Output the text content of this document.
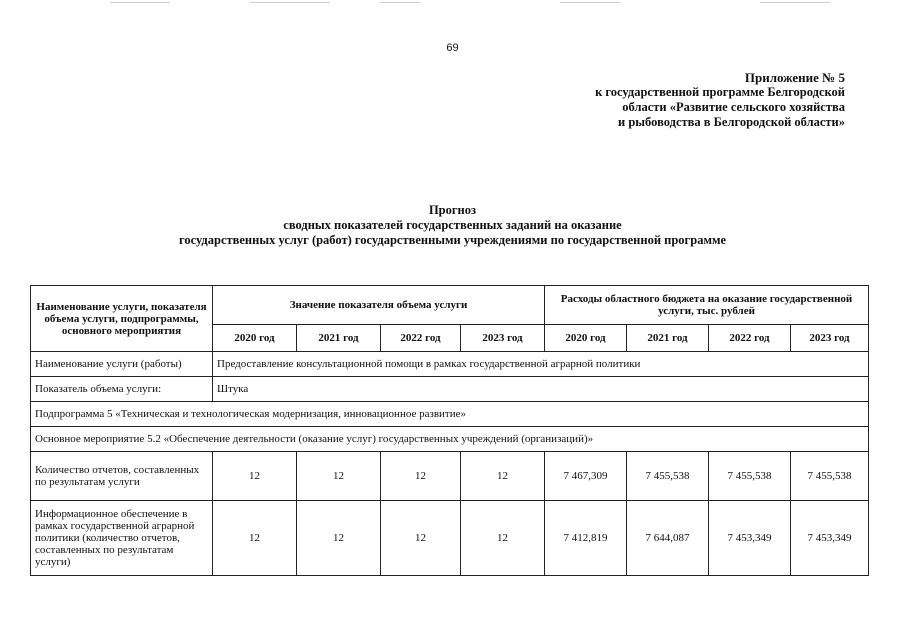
69
Приложение № 5
к государственной программе Белгородской
области «Развитие сельского хозяйства
и рыбоводства в Белгородской области»
Прогноз
сводных показателей государственных заданий на оказание
государственных услуг (работ) государственными учреждениями по государственной программе
Наименование услуги, показателя объема услуги, подпрограммы, основного мероприятия	Значение показателя объема услуги				Расходы областного бюджета на оказание государственной услуги, тыс. рублей			
	2020 год	2021 год	2022 год	2023 год	2020 год	2021 год	2022 год	2023 год
Наименование услуги (работы)	Предоставление консультационной помощи в рамках государственной аграрной политики							
Показатель объема услуги:	Штука							
Подпрограмма 5 «Техническая и технологическая модернизация, инновационное развитие»								
Основное мероприятие 5.2 «Обеспечение деятельности (оказание услуг) государственных учреждений (организаций)»								
Количество отчетов, составленных по результатам услуги	12	12	12	12	7 467,309	7 455,538	7 455,538	7 455,538
Информационное обеспечение в рамках государственной аграрной политики (количество отчетов, составленных по результатам услуги)	12	12	12	12	7 412,819	7 644,087	7 453,349	7 453,349
